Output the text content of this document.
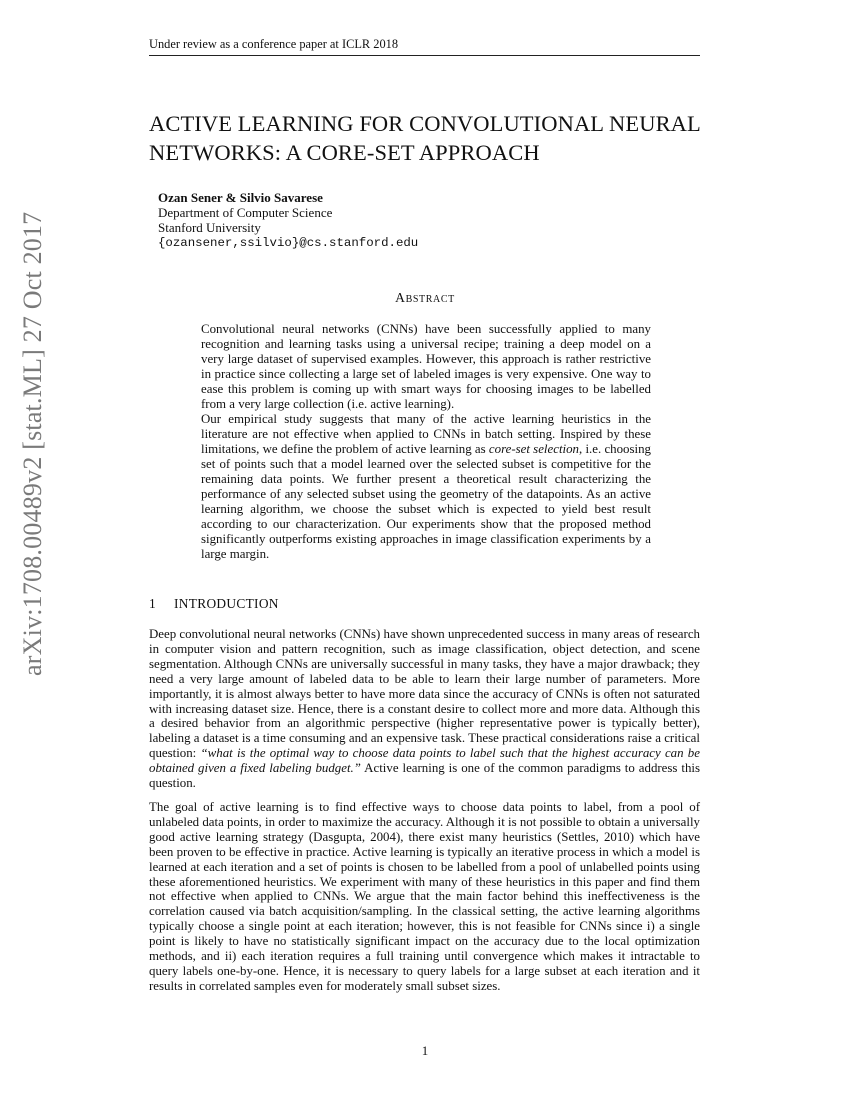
Under review as a conference paper at ICLR 2018
ACTIVE LEARNING FOR CONVOLUTIONAL NEURAL
NETWORKS: A CORE-SET APPROACH
Ozan Sener & Silvio Savarese
Department of Computer Science
Stanford University
{ozansener,ssilvio}@cs.stanford.edu
Abstract

Convolutional neural networks (CNNs) have been successfully applied to many recognition and learning tasks using a universal recipe; training a deep model on a very large dataset of supervised examples. However, this approach is rather restrictive in practice since collecting a large set of labeled images is very expensive. One way to ease this problem is coming up with smart ways for choosing images to be labelled from a very large collection (i.e. active learning).

Our empirical study suggests that many of the active learning heuristics in the literature are not effective when applied to CNNs in batch setting. Inspired by these limitations, we define the problem of active learning as core-set selection, i.e. choosing set of points such that a model learned over the selected subset is competitive for the remaining data points. We further present a theoretical result characterizing the performance of any selected subset using the geometry of the datapoints. As an active learning algorithm, we choose the subset which is expected to yield best result according to our characterization. Our experiments show that the proposed method significantly outperforms existing approaches in image classification experiments by a large margin.

1 INTRODUCTION

Deep convolutional neural networks (CNNs) have shown unprecedented success in many areas of research in computer vision and pattern recognition, such as image classification, object detection, and scene segmentation. Although CNNs are universally successful in many tasks, they have a major drawback; they need a very large amount of labeled data to be able to learn their large number of parameters. More importantly, it is almost always better to have more data since the accuracy of CNNs is often not saturated with increasing dataset size. Hence, there is a constant desire to collect more and more data. Although this a desired behavior from an algorithmic perspective (higher representative power is typically better), labeling a dataset is a time consuming and an expensive task. These practical considerations raise a critical question: “what is the optimal way to choose data points to label such that the highest accuracy can be obtained given a fixed labeling budget.” Active learning is one of the common paradigms to address this question.

The goal of active learning is to find effective ways to choose data points to label, from a pool of unlabeled data points, in order to maximize the accuracy. Although it is not possible to obtain a universally good active learning strategy (Dasgupta, 2004), there exist many heuristics (Settles, 2010) which have been proven to be effective in practice. Active learning is typically an iterative process in which a model is learned at each iteration and a set of points is chosen to be labelled from a pool of unlabelled points using these aforementioned heuristics. We experiment with many of these heuristics in this paper and find them not effective when applied to CNNs. We argue that the main factor behind this ineffectiveness is the correlation caused via batch acquisition/sampling. In the classical setting, the active learning algorithms typically choose a single point at each iteration; however, this is not feasible for CNNs since i) a single point is likely to have no statistically significant impact on the accuracy due to the local optimization methods, and ii) each iteration requires a full training until convergence which makes it intractable to query labels one-by-one. Hence, it is necessary to query labels for a large subset at each iteration and it results in correlated samples even for moderately small subset sizes.

1
arXiv:1708.00489v2 [stat.ML] 27 Oct 2017
